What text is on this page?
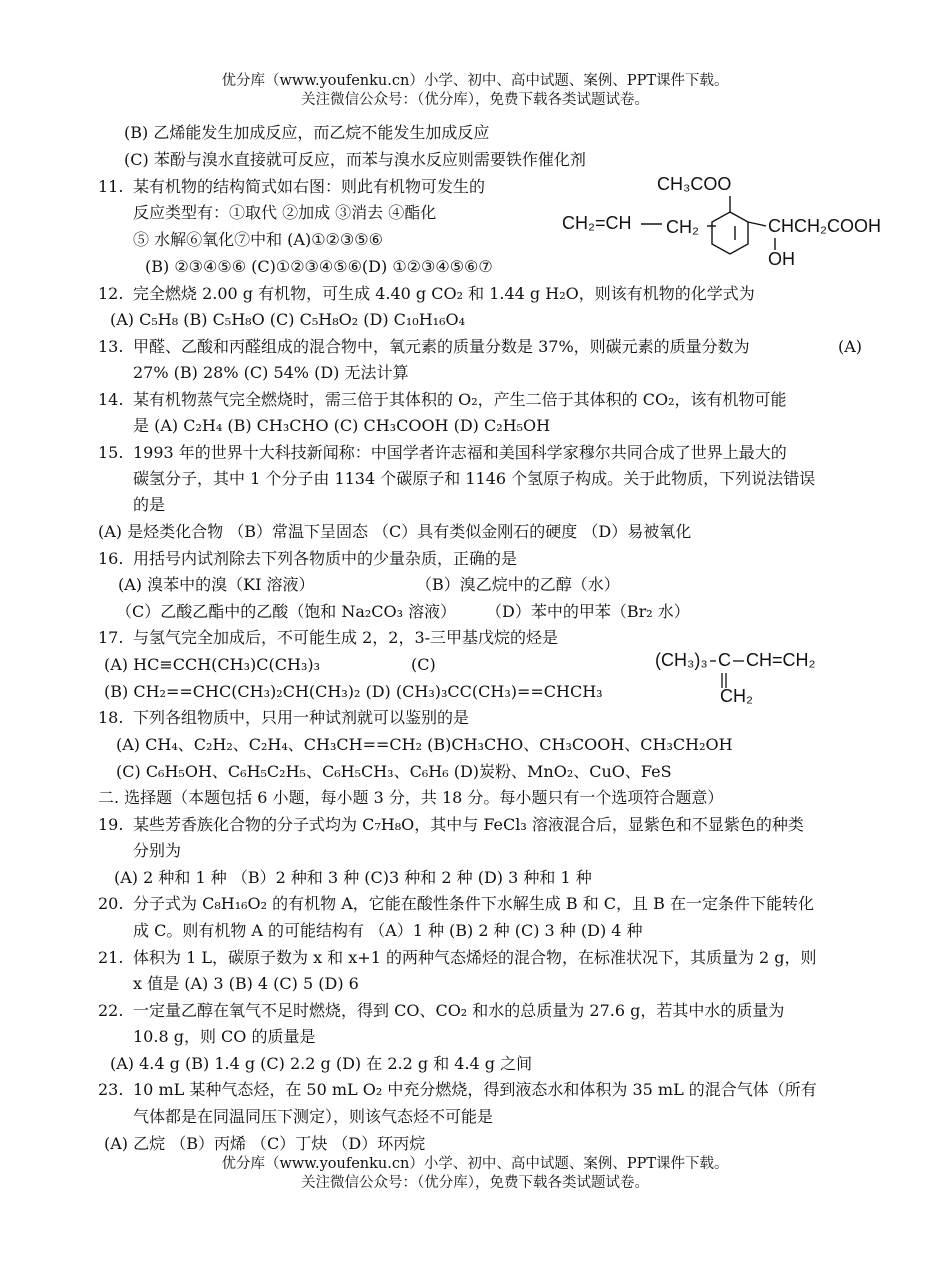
优分库（www.youfenku.cn）小学、初中、高中试题、案例、PPT课件下载。
关注微信公众号：（优分库），免费下载各类试题试卷。
(B) 乙烯能发生加成反应，而乙烷不能发生加成反应
(C) 苯酚与溴水直接就可反应，而苯与溴水反应则需要铁作催化剂
11. 某有机物的结构简式如右图：则此有机物可发生的
反应类型有：①取代 ②加成 ③消去 ④酯化
⑤ 水解⑥氧化⑦中和 (A)①②③⑤⑥
(B) ②③④⑤⑥ (C)①②③④⑤⑥(D) ①②③④⑤⑥⑦
CH₃COO
CH₂=CH CH₂	CHCH₂COOH
OH
12. 完全燃烧 2.00 g 有机物，可生成 4.40 g CO₂ 和 1.44 g H₂O，则该有机物的化学式为
(A) C₅H₈ (B) C₅H₈O (C) C₅H₈O₂ (D) C₁₀H₁₆O₄
13. 甲醛、乙酸和丙醛组成的混合物中，氧元素的质量分数是 37%，则碳元素的质量分数为	(A)
27% (B) 28% (C) 54% (D) 无法计算
14. 某有机物蒸气完全燃烧时，需三倍于其体积的 O₂，产生二倍于其体积的 CO₂，该有机物可能
是 (A) C₂H₄ (B) CH₃CHO (C) CH₃COOH (D) C₂H₅OH
15. 1993 年的世界十大科技新闻称：中国学者许志福和美国科学家穆尔共同合成了世界上最大的
碳氢分子，其中 1 个分子由 1134 个碳原子和 1146 个氢原子构成。关于此物质，下列说法错误
的是
(A) 是烃类化合物 （B）常温下呈固态 （C）具有类似金刚石的硬度 （D）易被氧化
16. 用括号内试剂除去下列各物质中的少量杂质，正确的是
(A) 溴苯中的溴（KI 溶液）	（B）溴乙烷中的乙醇（水）
（C）乙酸乙酯中的乙酸（饱和 Na₂CO₃ 溶液） （D）苯中的甲苯（Br₂ 水）
17. 与氢气完全加成后，不可能生成 2，2，3-三甲基戊烷的烃是
(A) HC≡CCH(CH₃)C(CH₃)₃	(C)
(B) CH₂==CHC(CH₃)₂CH(CH₃)₂ (D) (CH₃)₃CC(CH₃)==CHCH₃
(CH₃)₃ C CH=CH₂
CH₂
18. 下列各组物质中，只用一种试剂就可以鉴别的是
(A) CH₄、C₂H₂、C₂H₄、CH₃CH==CH₂ (B)CH₃CHO、CH₃COOH、CH₃CH₂OH
(C) C₆H₅OH、C₆H₅C₂H₅、C₆H₅CH₃、C₆H₆ (D)炭粉、MnO₂、CuO、FeS
二. 选择题（本题包括 6 小题，每小题 3 分，共 18 分。每小题只有一个选项符合题意）
19. 某些芳香族化合物的分子式均为 C₇H₈O，其中与 FeCl₃ 溶液混合后，显紫色和不显紫色的种类
分别为
(A) 2 种和 1 种 （B）2 种和 3 种 (C)3 种和 2 种 (D) 3 种和 1 种
20. 分子式为 C₈H₁₆O₂ 的有机物 A，它能在酸性条件下水解生成 B 和 C，且 B 在一定条件下能转化
成 C。则有机物 A 的可能结构有 （A）1 种 (B) 2 种 (C) 3 种 (D) 4 种
21. 体积为 1 L，碳原子数为 x 和 x+1 的两种气态烯烃的混合物，在标准状况下，其质量为 2 g，则
x 值是 (A) 3 (B) 4 (C) 5 (D) 6
22. 一定量乙醇在氧气不足时燃烧，得到 CO、CO₂ 和水的总质量为 27.6 g，若其中水的质量为
10.8 g，则 CO 的质量是
(A) 4.4 g (B) 1.4 g (C) 2.2 g (D) 在 2.2 g 和 4.4 g 之间
23. 10 mL 某种气态烃，在 50 mL O₂ 中充分燃烧，得到液态水和体积为 35 mL 的混合气体（所有
气体都是在同温同压下测定），则该气态烃不可能是
(A) 乙烷 （B）丙烯 （C）丁炔 （D）环丙烷
优分库（www.youfenku.cn）小学、初中、高中试题、案例、PPT课件下载。
关注微信公众号：（优分库），免费下载各类试题试卷。
